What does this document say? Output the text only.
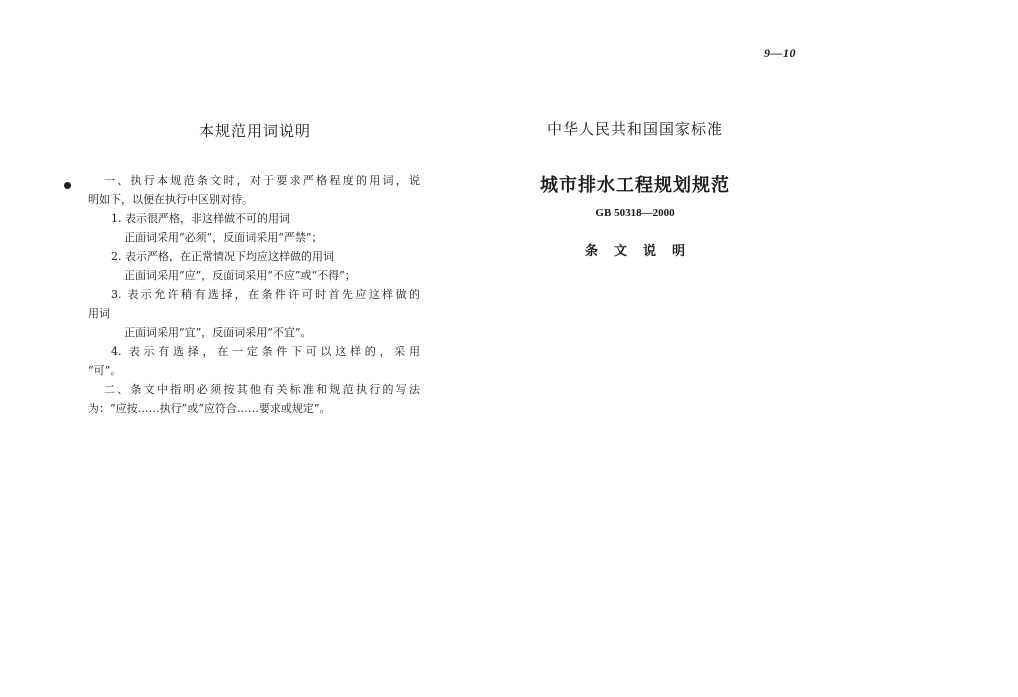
9—10
本规范用词说明
一、执行本规范条文时，对于要求严格程度的用词，说
明如下，以便在执行中区别对待。
1. 表示很严格，非这样做不可的用词
正面词采用“必须”，反面词采用“严禁”；
2. 表示严格，在正常情况下均应这样做的用词
正面词采用“应”，反面词采用“不应”或“不得”；
3. 表示允许稍有选择，在条件许可时首先应这样做的
用词
正面词采用“宜”，反面词采用“不宜”。
4. 表示有选择，在一定条件下可以这样的，采用
“可”。
二、条文中指明必须按其他有关标准和规范执行的写法
为：“应按……执行”或“应符合……要求或规定”。
中华人民共和国国家标准
城市排水工程规划规范
GB 50318—2000
条文说明
